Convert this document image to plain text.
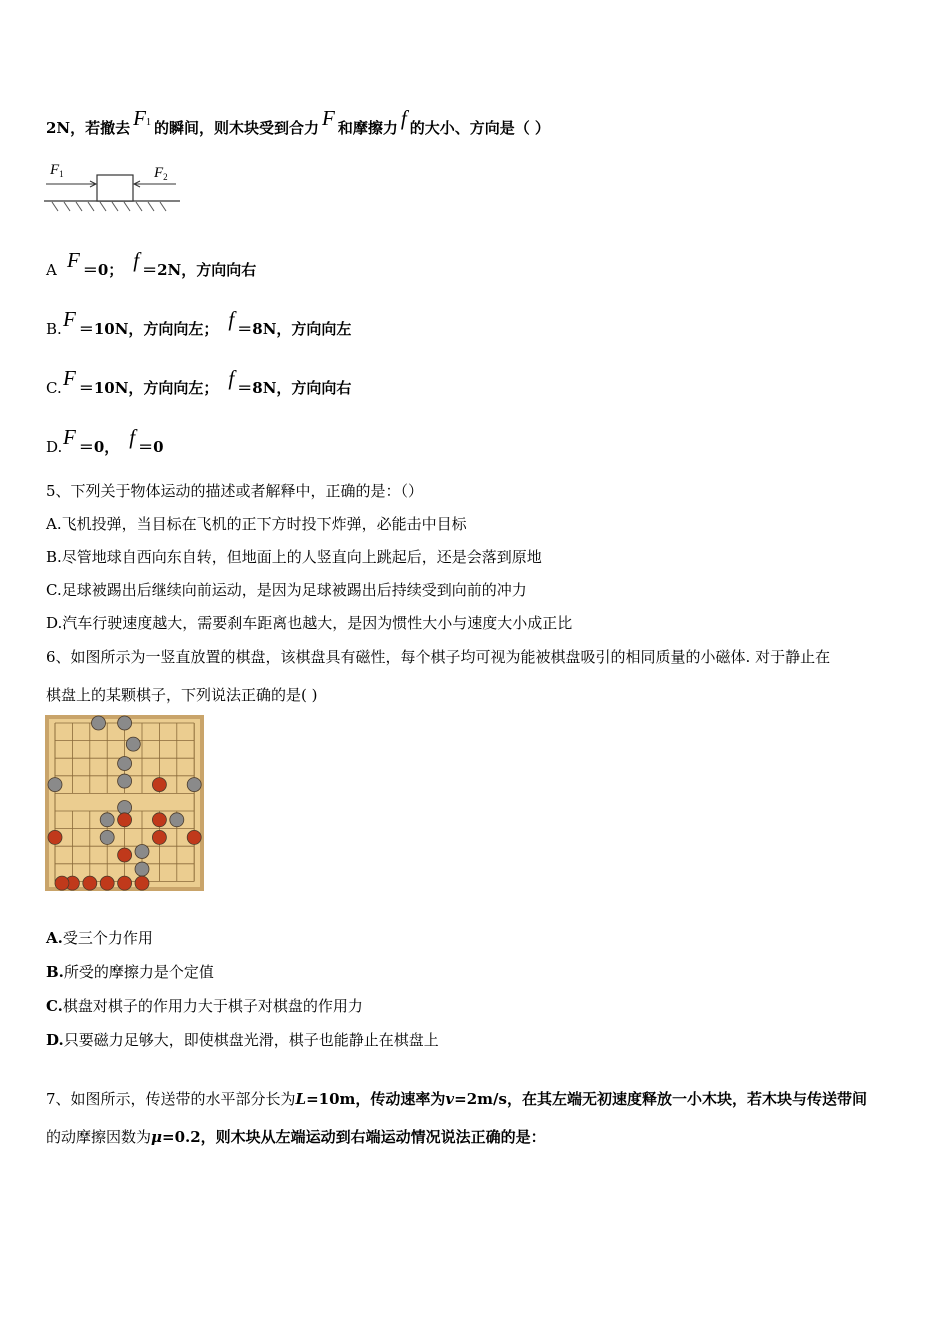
2N，若撤去 F1 的瞬间，则木块受到合力 F 和摩擦力 f 的大小、方向是（ ）
$F_1$	$F_2$
A F ＝0； f ＝2N，方向向右
B.F ＝10N，方向向左； f ＝8N，方向向左
C.F ＝10N，方向向左； f ＝8N，方向向右
D.F ＝0， f ＝0
5、下列关于物体运动的描述或者解释中，正确的是：（）
A.飞机投弹，当目标在飞机的正下方时投下炸弹，必能击中目标
B.尽管地球自西向东自转，但地面上的人竖直向上跳起后，还是会落到原地
C.足球被踢出后继续向前运动，是因为足球被踢出后持续受到向前的冲力
D.汽车行驶速度越大，需要刹车距离也越大，是因为惯性大小与速度大小成正比
6、如图所示为一竖直放置的棋盘，该棋盘具有磁性，每个棋子均可视为能被棋盘吸引的相同质量的小磁体. 对于静止在
棋盘上的某颗棋子，下列说法正确的是( )
A.受三个力作用
B.所受的摩擦力是个定值
C.棋盘对棋子的作用力大于棋子对棋盘的作用力
D.只要磁力足够大，即使棋盘光滑，棋子也能静止在棋盘上
7、如图所示，传送带的水平部分长为L=10m，传动速率为v=2m/s，在其左端无初速度释放一小木块，若木块与传送带间
的动摩擦因数为μ=0.2，则木块从左端运动到右端运动情况说法正确的是：
